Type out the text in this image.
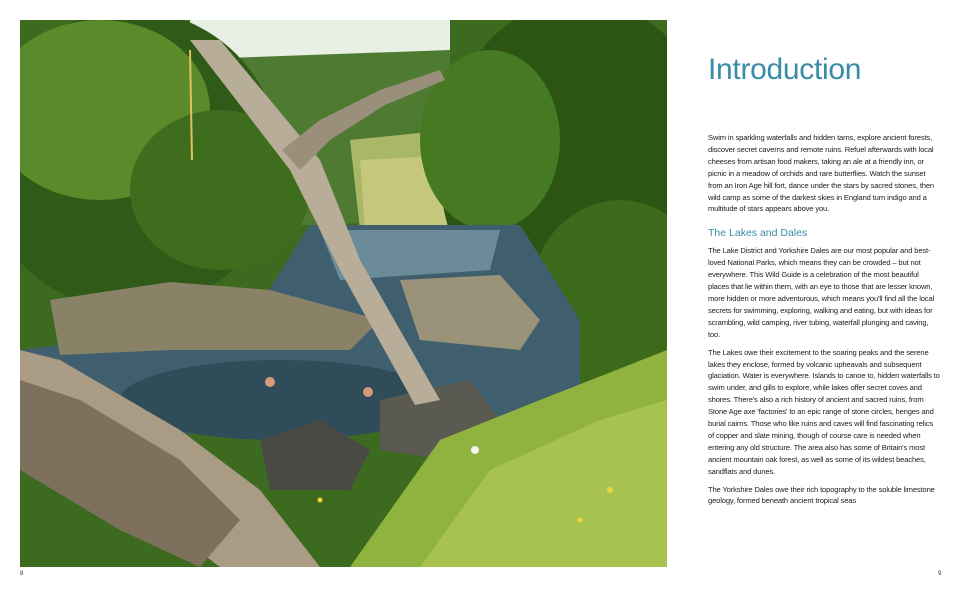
8	9
Introduction

Swim in sparkling waterfalls and hidden tarns, explore ancient forests, discover secret caverns and remote ruins. Refuel afterwards with local cheeses from artisan food makers, taking an ale at a friendly inn, or picnic in a meadow of orchids and rare butterflies. Watch the sunset from an Iron Age hill fort, dance under the stars by sacred stones, then wild camp as some of the darkest skies in England turn indigo and a multitude of stars appears above you.

The Lakes and Dales

The Lake District and Yorkshire Dales are our most popular and best-loved National Parks, which means they can be crowded – but not everywhere. This Wild Guide is a celebration of the most beautiful places that lie within them, with an eye to those that are lesser known, more hidden or more adventurous, which means you'll find all the local secrets for swimming, exploring, walking and eating, but with ideas for scrambling, wild camping, river tubing, waterfall plunging and caving, too.

The Lakes owe their excitement to the soaring peaks and the serene lakes they enclose, formed by volcanic upheavals and subsequent glaciation. Water is everywhere. Islands to canoe to, hidden waterfalls to swim under, and gills to explore, while lakes offer secret coves and shores. There's also a rich history of ancient and sacred ruins, from Stone Age axe 'factories' to an epic range of stone circles, henges and burial cairns. Those who like ruins and caves will find fascinating relics of copper and slate mining, though of course care is needed when entering any old structure. The area also has some of Britain's most ancient mountain oak forest, as well as some of its wildest beaches, sandflats and dunes.

The Yorkshire Dales owe their rich topography to the soluble limestone geology, formed beneath ancient tropical seas
